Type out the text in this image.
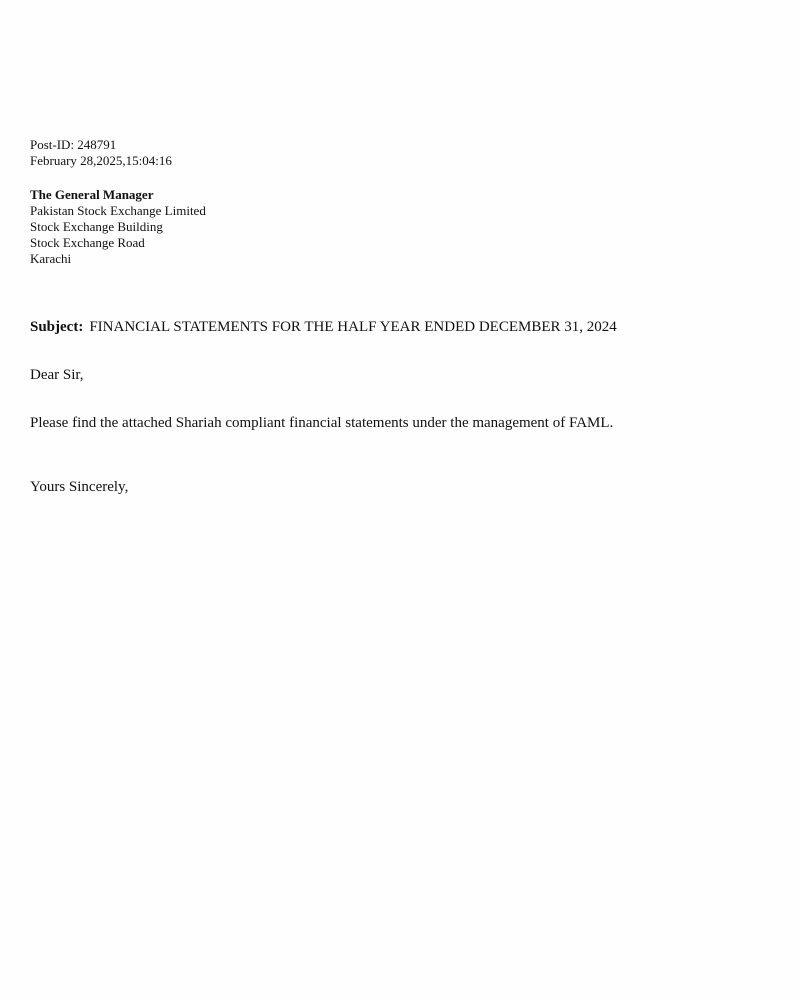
Post-ID: 248791
February 28,2025,15:04:16
The General Manager
Pakistan Stock Exchange Limited
Stock Exchange Building
Stock Exchange Road
Karachi
Subject: FINANCIAL STATEMENTS FOR THE HALF YEAR ENDED DECEMBER 31, 2024
Dear Sir,
Please find the attached Shariah compliant financial statements under the management of FAML.
Yours Sincerely,
